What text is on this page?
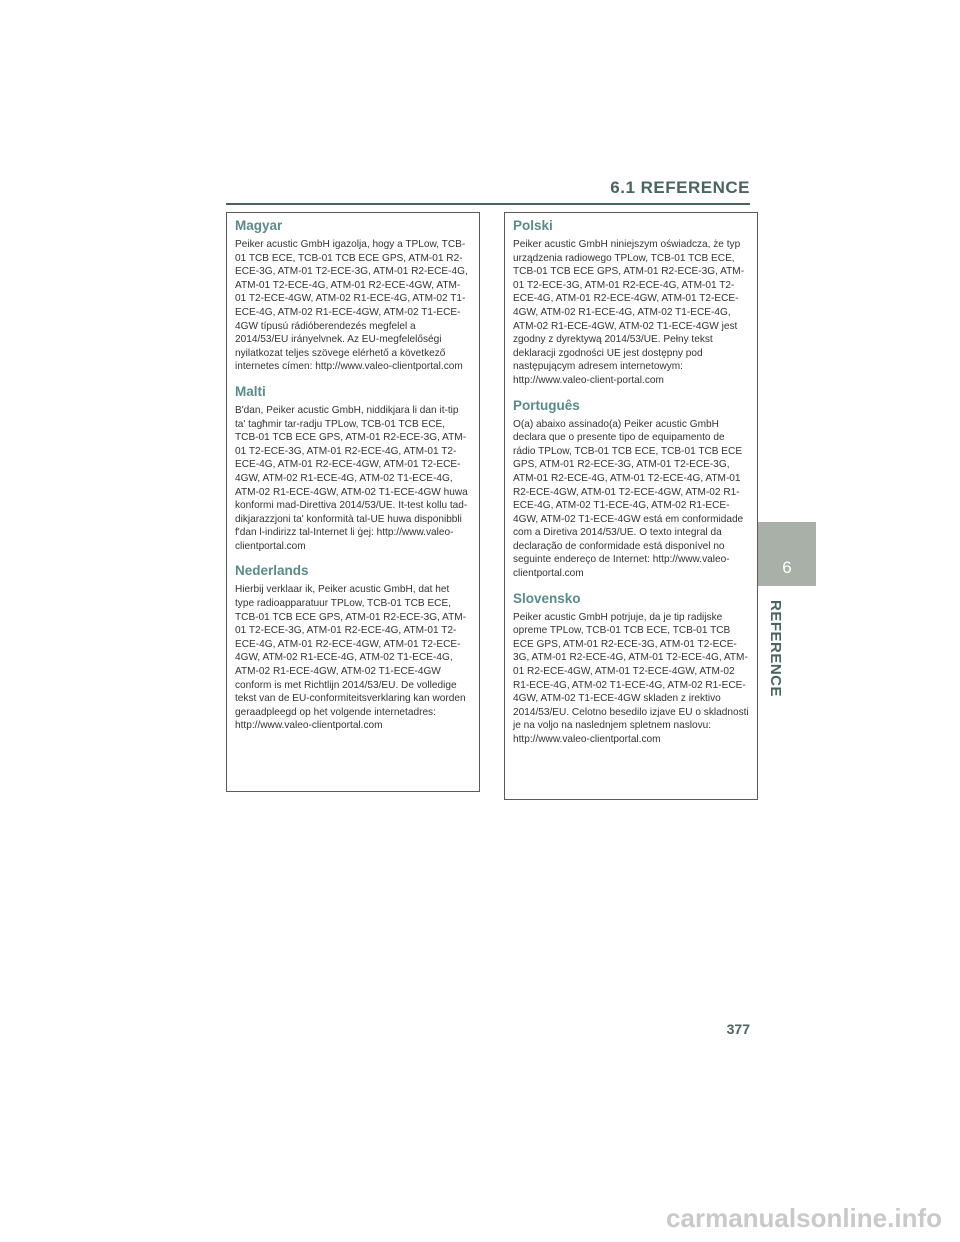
6.1 REFERENCE
Magyar

Peiker acustic GmbH igazolja, hogy a TPLow, TCB-01 TCB ECE, TCB-01 TCB ECE GPS, ATM-01 R2-ECE-3G, ATM-01 T2-ECE-3G, ATM-01 R2-ECE-4G, ATM-01 T2-ECE-4G, ATM-01 R2-ECE-4GW, ATM-01 T2-ECE-4GW, ATM-02 R1-ECE-4G, ATM-02 T1-ECE-4G, ATM-02 R1-ECE-4GW, ATM-02 T1-ECE-4GW típusú rádióberendezés megfelel a 2014/53/EU irányelvnek. Az EU-megfelelőségi nyilatkozat teljes szövege elérhető a következő internetes címen: http://www.valeo-clientportal.com

Malti

B'dan, Peiker acustic GmbH, niddikjara li dan it-tip ta' tagħmir tar-radju TPLow, TCB-01 TCB ECE, TCB-01 TCB ECE GPS, ATM-01 R2-ECE-3G, ATM-01 T2-ECE-3G, ATM-01 R2-ECE-4G, ATM-01 T2-ECE-4G, ATM-01 R2-ECE-4GW, ATM-01 T2-ECE-4GW, ATM-02 R1-ECE-4G, ATM-02 T1-ECE-4G, ATM-02 R1-ECE-4GW, ATM-02 T1-ECE-4GW huwa konformi mad-Direttiva 2014/53/UE. It-test kollu tad-dikjarazzjoni ta' konformità tal-UE huwa disponibbli f'dan l-indirizz tal-Internet li ġej: http://www.valeo-clientportal.com

Nederlands

Hierbij verklaar ik, Peiker acustic GmbH, dat het type radioapparatuur TPLow, TCB-01 TCB ECE, TCB-01 TCB ECE GPS, ATM-01 R2-ECE-3G, ATM-01 T2-ECE-3G, ATM-01 R2-ECE-4G, ATM-01 T2-ECE-4G, ATM-01 R2-ECE-4GW, ATM-01 T2-ECE-4GW, ATM-02 R1-ECE-4G, ATM-02 T1-ECE-4G, ATM-02 R1-ECE-4GW, ATM-02 T1-ECE-4GW conform is met Richtlijn 2014/53/EU. De volledige tekst van de EU-conformiteitsverklaring kan worden geraadpleegd op het volgende internetadres: http://www.valeo-clientportal.com

Polski

Peiker acustic GmbH niniejszym oświadcza, że typ urządzenia radiowego TPLow, TCB-01 TCB ECE, TCB-01 TCB ECE GPS, ATM-01 R2-ECE-3G, ATM-01 T2-ECE-3G, ATM-01 R2-ECE-4G, ATM-01 T2-ECE-4G, ATM-01 R2-ECE-4GW, ATM-01 T2-ECE-4GW, ATM-02 R1-ECE-4G, ATM-02 T1-ECE-4G, ATM-02 R1-ECE-4GW, ATM-02 T1-ECE-4GW jest zgodny z dyrektywą 2014/53/UE. Pełny tekst deklaracji zgodności UE jest dostępny pod następującym adresem internetowym: http://www.valeo-client-portal.com

Português

O(a) abaixo assinado(a) Peiker acustic GmbH declara que o presente tipo de equipamento de rádio TPLow, TCB-01 TCB ECE, TCB-01 TCB ECE GPS, ATM-01 R2-ECE-3G, ATM-01 T2-ECE-3G, ATM-01 R2-ECE-4G, ATM-01 T2-ECE-4G, ATM-01 R2-ECE-4GW, ATM-01 T2-ECE-4GW, ATM-02 R1-ECE-4G, ATM-02 T1-ECE-4G, ATM-02 R1-ECE-4GW, ATM-02 T1-ECE-4GW está em conformidade com a Diretiva 2014/53/UE. O texto integral da declaração de conformidade está disponível no seguinte endereço de Internet: http://www.valeo-clientportal.com

Slovensko

Peiker acustic GmbH potrjuje, da je tip radijske opreme TPLow, TCB-01 TCB ECE, TCB-01 TCB ECE GPS, ATM-01 R2-ECE-3G, ATM-01 T2-ECE-3G, ATM-01 R2-ECE-4G, ATM-01 T2-ECE-4G, ATM-01 R2-ECE-4GW, ATM-01 T2-ECE-4GW, ATM-02 R1-ECE-4G, ATM-02 T1-ECE-4G, ATM-02 R1-ECE-4GW, ATM-02 T1-ECE-4GW skladen z irektivo 2014/53/EU. Celotno besedilo izjave EU o skladnosti je na voljo na naslednjem spletnem naslovu: http://www.valeo-clientportal.com

6
REFERENCE
377
carmanualsonline.info
